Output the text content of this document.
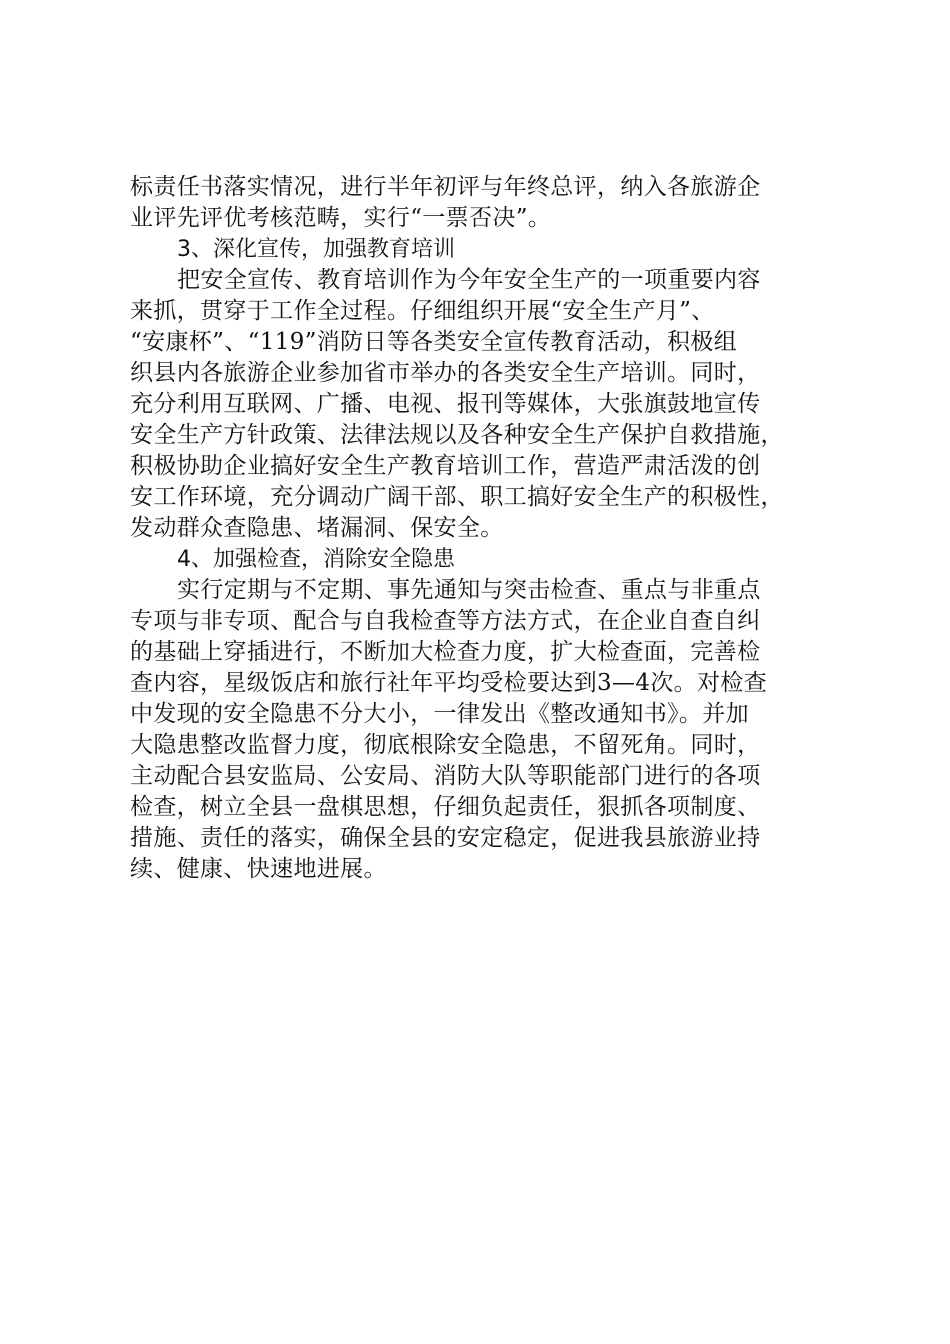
标责任书落实情况，进行半年初评与年终总评，纳入各旅游企
业评先评优考核范畴，实行“一票否决”。
3、深化宣传，加强教育培训
把安全宣传、教育培训作为今年安全生产的一项重要内容
来抓，贯穿于工作全过程。仔细组织开展“安全生产月”、
“安康杯”、“119”消防日等各类安全宣传教育活动，积极组
织县内各旅游企业参加省市举办的各类安全生产培训。同时，
充分利用互联网、广播、电视、报刊等媒体，大张旗鼓地宣传
安全生产方针政策、法律法规以及各种安全生产保护自救措施，
积极协助企业搞好安全生产教育培训工作，营造严肃活泼的创
安工作环境，充分调动广阔干部、职工搞好安全生产的积极性，
发动群众查隐患、堵漏洞、保安全。
4、加强检查，消除安全隐患
实行定期与不定期、事先通知与突击检查、重点与非重点
专项与非专项、配合与自我检查等方法方式，在企业自查自纠
的基础上穿插进行，不断加大检查力度，扩大检查面，完善检
查内容，星级饭店和旅行社年平均受检要达到3—4次。对检查
中发现的安全隐患不分大小，一律发出《整改通知书》。并加
大隐患整改监督力度，彻底根除安全隐患，不留死角。同时，
主动配合县安监局、公安局、消防大队等职能部门进行的各项
检查，树立全县一盘棋思想，仔细负起责任，狠抓各项制度、
措施、责任的落实，确保全县的安定稳定，促进我县旅游业持
续、健康、快速地进展。
